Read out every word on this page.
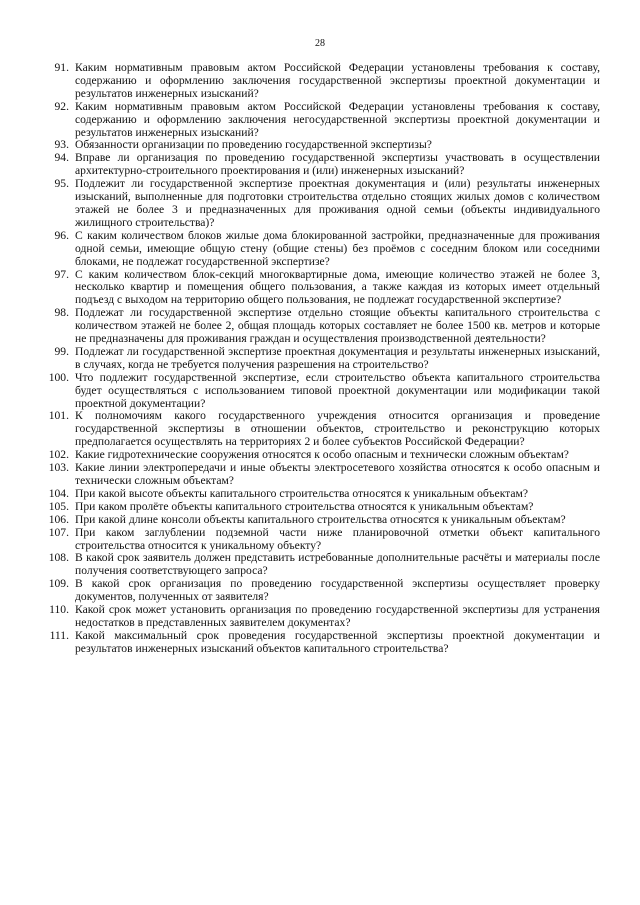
28
91. Каким нормативным правовым актом Российской Федерации установлены требования к составу, содержанию и оформлению заключения государственной экспертизы проектной документации и результатов инженерных изысканий?
92. Каким нормативным правовым актом Российской Федерации установлены требования к составу, содержанию и оформлению заключения негосударственной экспертизы проектной документации и результатов инженерных изысканий?
93. Обязанности организации по проведению государственной экспертизы?
94. Вправе ли организация по проведению государственной экспертизы участвовать в осуществлении архитектурно-строительного проектирования и (или) инженерных изысканий?
95. Подлежит ли государственной экспертизе проектная документация и (или) результаты инженерных изысканий, выполненные для подготовки строительства отдельно стоящих жилых домов с количеством этажей не более 3 и предназначенных для проживания одной семьи (объекты индивидуального жилищного строительства)?
96. С каким количеством блоков жилые дома блокированной застройки, предназначенные для проживания одной семьи, имеющие общую стену (общие стены) без проёмов с соседним блоком или соседними блоками, не подлежат государственной экспертизе?
97. С каким количеством блок-секций многоквартирные дома, имеющие количество этажей не более 3, несколько квартир и помещения общего пользования, а также каждая из которых имеет отдельный подъезд с выходом на территорию общего пользования, не подлежат государственной экспертизе?
98. Подлежат ли государственной экспертизе отдельно стоящие объекты капитального строительства с количеством этажей не более 2, общая площадь которых составляет не более 1500 кв. метров и которые не предназначены для проживания граждан и осуществления производственной деятельности?
99. Подлежат ли государственной экспертизе проектная документация и результаты инженерных изысканий, в случаях, когда не требуется получения разрешения на строительство?
100. Что подлежит государственной экспертизе, если строительство объекта капитального строительства будет осуществляться с использованием типовой проектной документации или модификации такой проектной документации?
101. К полномочиям какого государственного учреждения относится организация и проведение государственной экспертизы в отношении объектов, строительство и реконструкцию которых предполагается осуществлять на территориях 2 и более субъектов Российской Федерации?
102. Какие гидротехнические сооружения относятся к особо опасным и технически сложным объектам?
103. Какие линии электропередачи и иные объекты электросетевого хозяйства относятся к особо опасным и технически сложным объектам?
104. При какой высоте объекты капитального строительства относятся к уникальным объектам?
105. При каком пролёте объекты капитального строительства относятся к уникальным объектам?
106. При какой длине консоли объекты капитального строительства относятся к уникальным объектам?
107. При каком заглублении подземной части ниже планировочной отметки объект капитального строительства относится к уникальному объекту?
108. В какой срок заявитель должен представить истребованные дополнительные расчёты и материалы после получения соответствующего запроса?
109. В какой срок организация по проведению государственной экспертизы осуществляет проверку документов, полученных от заявителя?
110. Какой срок может установить организация по проведению государственной экспертизы для устранения недостатков в представленных заявителем документах?
111. Какой максимальный срок проведения государственной экспертизы проектной документации и результатов инженерных изысканий объектов капитального строительства?
